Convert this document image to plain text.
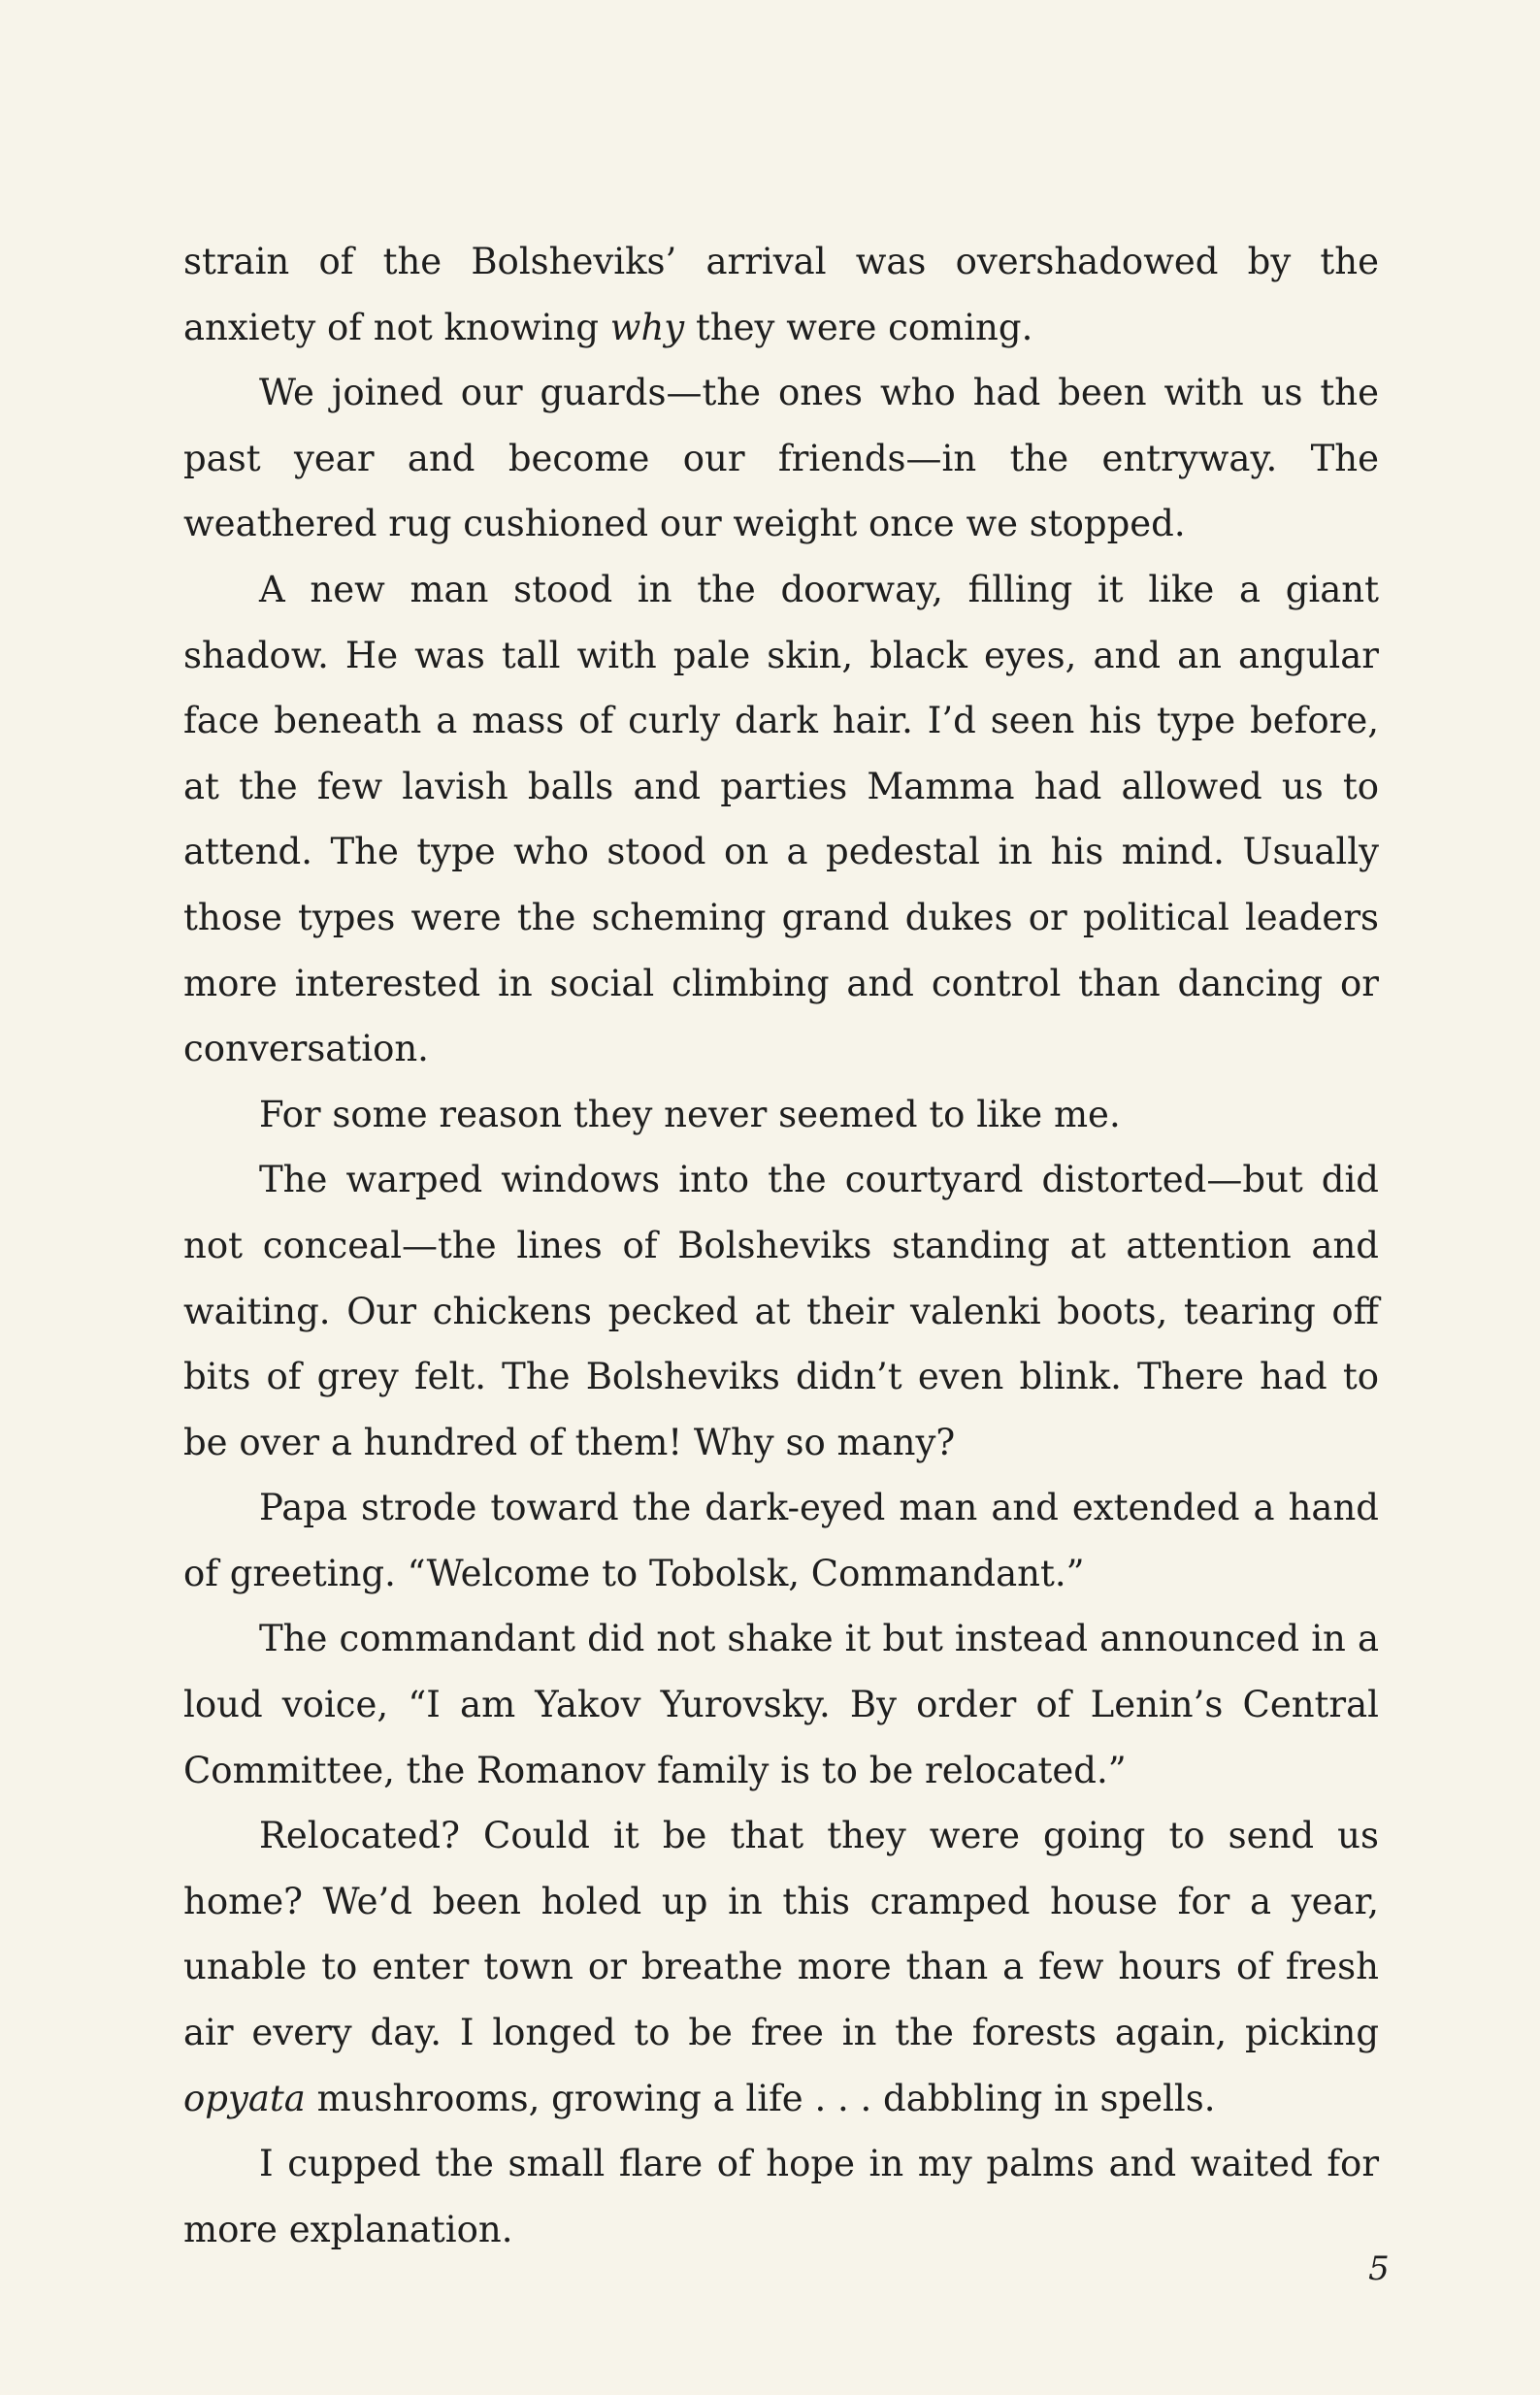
strain of the Bolsheviks’ arrival was overshadowed by the anxiety of not knowing why they were coming.

We joined our guards—the ones who had been with us the past year and become our friends—in the entryway. The weathered rug cushioned our weight once we stopped.

A new man stood in the doorway, filling it like a giant shadow. He was tall with pale skin, black eyes, and an angular face beneath a mass of curly dark hair. I’d seen his type before, at the few lavish balls and parties Mamma had allowed us to attend. The type who stood on a pedestal in his mind. Usually those types were the scheming grand dukes or political leaders more interested in social climbing and control than dancing or conversation.

For some reason they never seemed to like me.

The warped windows into the courtyard distorted—but did not conceal—the lines of Bolsheviks standing at attention and waiting. Our chickens pecked at their valenki boots, tearing off bits of grey felt. The Bolsheviks didn’t even blink. There had to be over a hundred of them! Why so many?

Papa strode toward the dark-eyed man and extended a hand of greeting. “Welcome to Tobolsk, Commandant.”

The commandant did not shake it but instead announced in a loud voice, “I am Yakov Yurovsky. By order of Lenin’s Central Committee, the Romanov family is to be relocated.”

Relocated? Could it be that they were going to send us home? We’d been holed up in this cramped house for a year, unable to enter town or breathe more than a few hours of fresh air every day. I longed to be free in the forests again, picking opyata mushrooms, growing a life . . . dabbling in spells.

I cupped the small flare of hope in my palms and waited for more explanation.

5
